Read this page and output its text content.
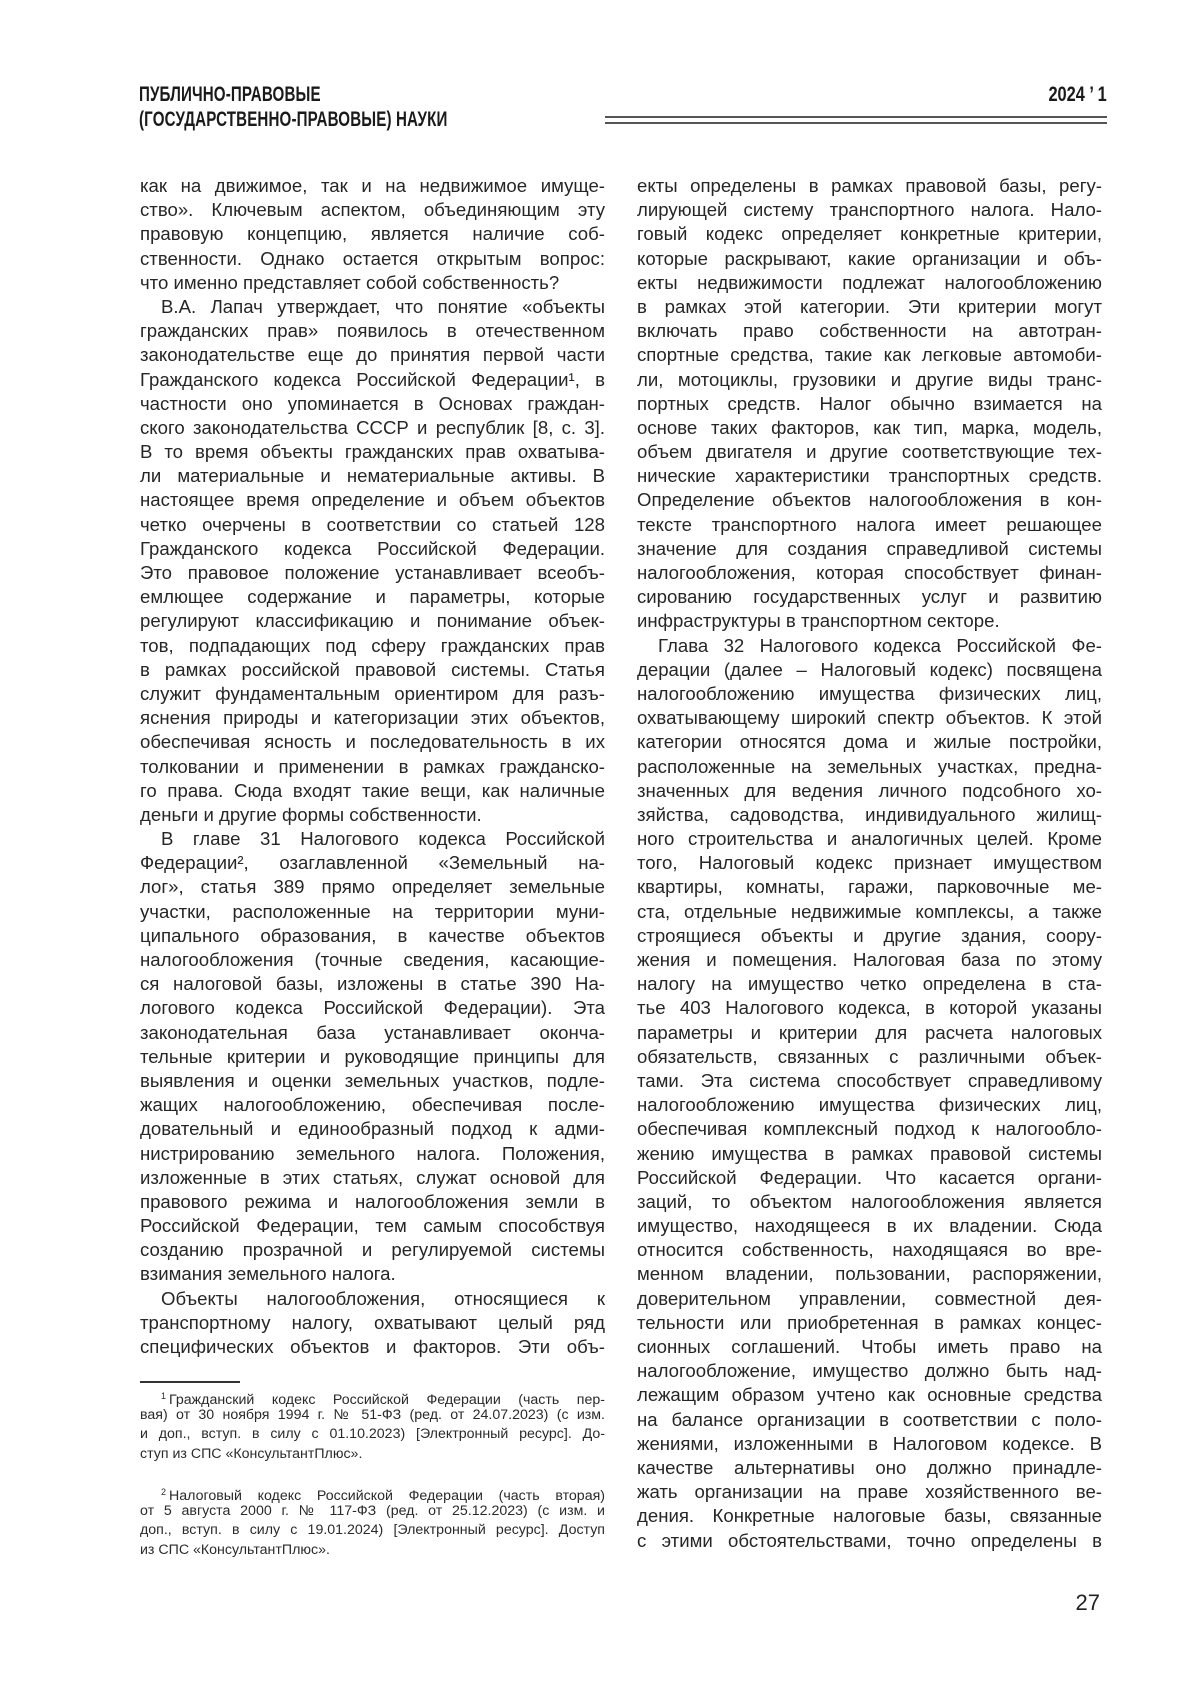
ПУБЛИЧНО-ПРАВОВЫЕ
(ГОСУДАРСТВЕННО-ПРАВОВЫЕ) НАУКИ
2024 ’ 1
как на движимое, так и на недвижимое имуще-
ство». Ключевым аспектом, объединяющим эту
правовую концепцию, является наличие соб-
ственности. Однако остается открытым вопрос:
что именно представляет собой собственность?
В.А. Лапач утверждает, что понятие «объекты
гражданских прав» появилось в отечественном
законодательстве еще до принятия первой части
Гражданского кодекса Российской Федерации¹, в
частности оно упоминается в Основах граждан-
ского законодательства СССР и республик [8, с. 3].
В то время объекты гражданских прав охватыва-
ли материальные и нематериальные активы. В
настоящее время определение и объем объектов
четко очерчены в соответствии со статьей 128
Гражданского кодекса Российской Федерации.
Это правовое положение устанавливает всеобъ-
емлющее содержание и параметры, которые
регулируют классификацию и понимание объек-
тов, подпадающих под сферу гражданских прав
в рамках российской правовой системы. Статья
служит фундаментальным ориентиром для разъ-
яснения природы и категоризации этих объектов,
обеспечивая ясность и последовательность в их
толковании и применении в рамках гражданско-
го права. Сюда входят такие вещи, как наличные
деньги и другие формы собственности.
В главе 31 Налогового кодекса Российской
Федерации², озаглавленной «Земельный на-
лог», статья 389 прямо определяет земельные
участки, расположенные на территории муни-
ципального образования, в качестве объектов
налогообложения (точные сведения, касающие-
ся налоговой базы, изложены в статье 390 На-
логового кодекса Российской Федерации). Эта
законодательная база устанавливает оконча-
тельные критерии и руководящие принципы для
выявления и оценки земельных участков, подле-
жащих налогообложению, обеспечивая после-
довательный и единообразный подход к адми-
нистрированию земельного налога. Положения,
изложенные в этих статьях, служат основой для
правового режима и налогообложения земли в
Российской Федерации, тем самым способствуя
созданию прозрачной и регулируемой системы
взимания земельного налога.
Объекты налогообложения, относящиеся к
транспортному налогу, охватывают целый ряд
специфических объектов и факторов. Эти объ-
екты определены в рамках правовой базы, регу-
лирующей систему транспортного налога. Нало-
говый кодекс определяет конкретные критерии,
которые раскрывают, какие организации и объ-
екты недвижимости подлежат налогообложению
в рамках этой категории. Эти критерии могут
включать право собственности на автотран-
спортные средства, такие как легковые автомоби-
ли, мотоциклы, грузовики и другие виды транс-
портных средств. Налог обычно взимается на
основе таких факторов, как тип, марка, модель,
объем двигателя и другие соответствующие тех-
нические характеристики транспортных средств.
Определение объектов налогообложения в кон-
тексте транспортного налога имеет решающее
значение для создания справедливой системы
налогообложения, которая способствует финан-
сированию государственных услуг и развитию
инфраструктуры в транспортном секторе.
Глава 32 Налогового кодекса Российской Фе-
дерации (далее – Налоговый кодекс) посвящена
налогообложению имущества физических лиц,
охватывающему широкий спектр объектов. К этой
категории относятся дома и жилые постройки,
расположенные на земельных участках, предна-
значенных для ведения личного подсобного хо-
зяйства, садоводства, индивидуального жилищ-
ного строительства и аналогичных целей. Кроме
того, Налоговый кодекс признает имуществом
квартиры, комнаты, гаражи, парковочные ме-
ста, отдельные недвижимые комплексы, а также
строящиеся объекты и другие здания, соору-
жения и помещения. Налоговая база по этому
налогу на имущество четко определена в ста-
тье 403 Налогового кодекса, в которой указаны
параметры и критерии для расчета налоговых
обязательств, связанных с различными объек-
тами. Эта система способствует справедливому
налогообложению имущества физических лиц,
обеспечивая комплексный подход к налогообло-
жению имущества в рамках правовой системы
Российской Федерации. Что касается органи-
заций, то объектом налогообложения является
имущество, находящееся в их владении. Сюда
относится собственность, находящаяся во вре-
менном владении, пользовании, распоряжении,
доверительном управлении, совместной дея-
тельности или приобретенная в рамках концес-
сионных соглашений. Чтобы иметь право на
налогообложение, имущество должно быть над-
лежащим образом учтено как основные средства
на балансе организации в соответствии с поло-
жениями, изложенными в Налоговом кодексе. В
качестве альтернативы оно должно принадле-
жать организации на праве хозяйственного ве-
дения. Конкретные налоговые базы, связанные
с этими обстоятельствами, точно определены в
1 Гражданский кодекс Российской Федерации (часть пер-
вая) от 30 ноября 1994 г. № 51-ФЗ (ред. от 24.07.2023) (с изм.
и доп., вступ. в силу с 01.10.2023) [Электронный ресурс]. До-
ступ из СПС «КонсультантПлюс».
2 Налоговый кодекс Российской Федерации (часть вторая)
от 5 августа 2000 г. № 117-ФЗ (ред. от 25.12.2023) (с изм. и
доп., вступ. в силу с 19.01.2024) [Электронный ресурс]. Доступ
из СПС «КонсультантПлюс».
27
